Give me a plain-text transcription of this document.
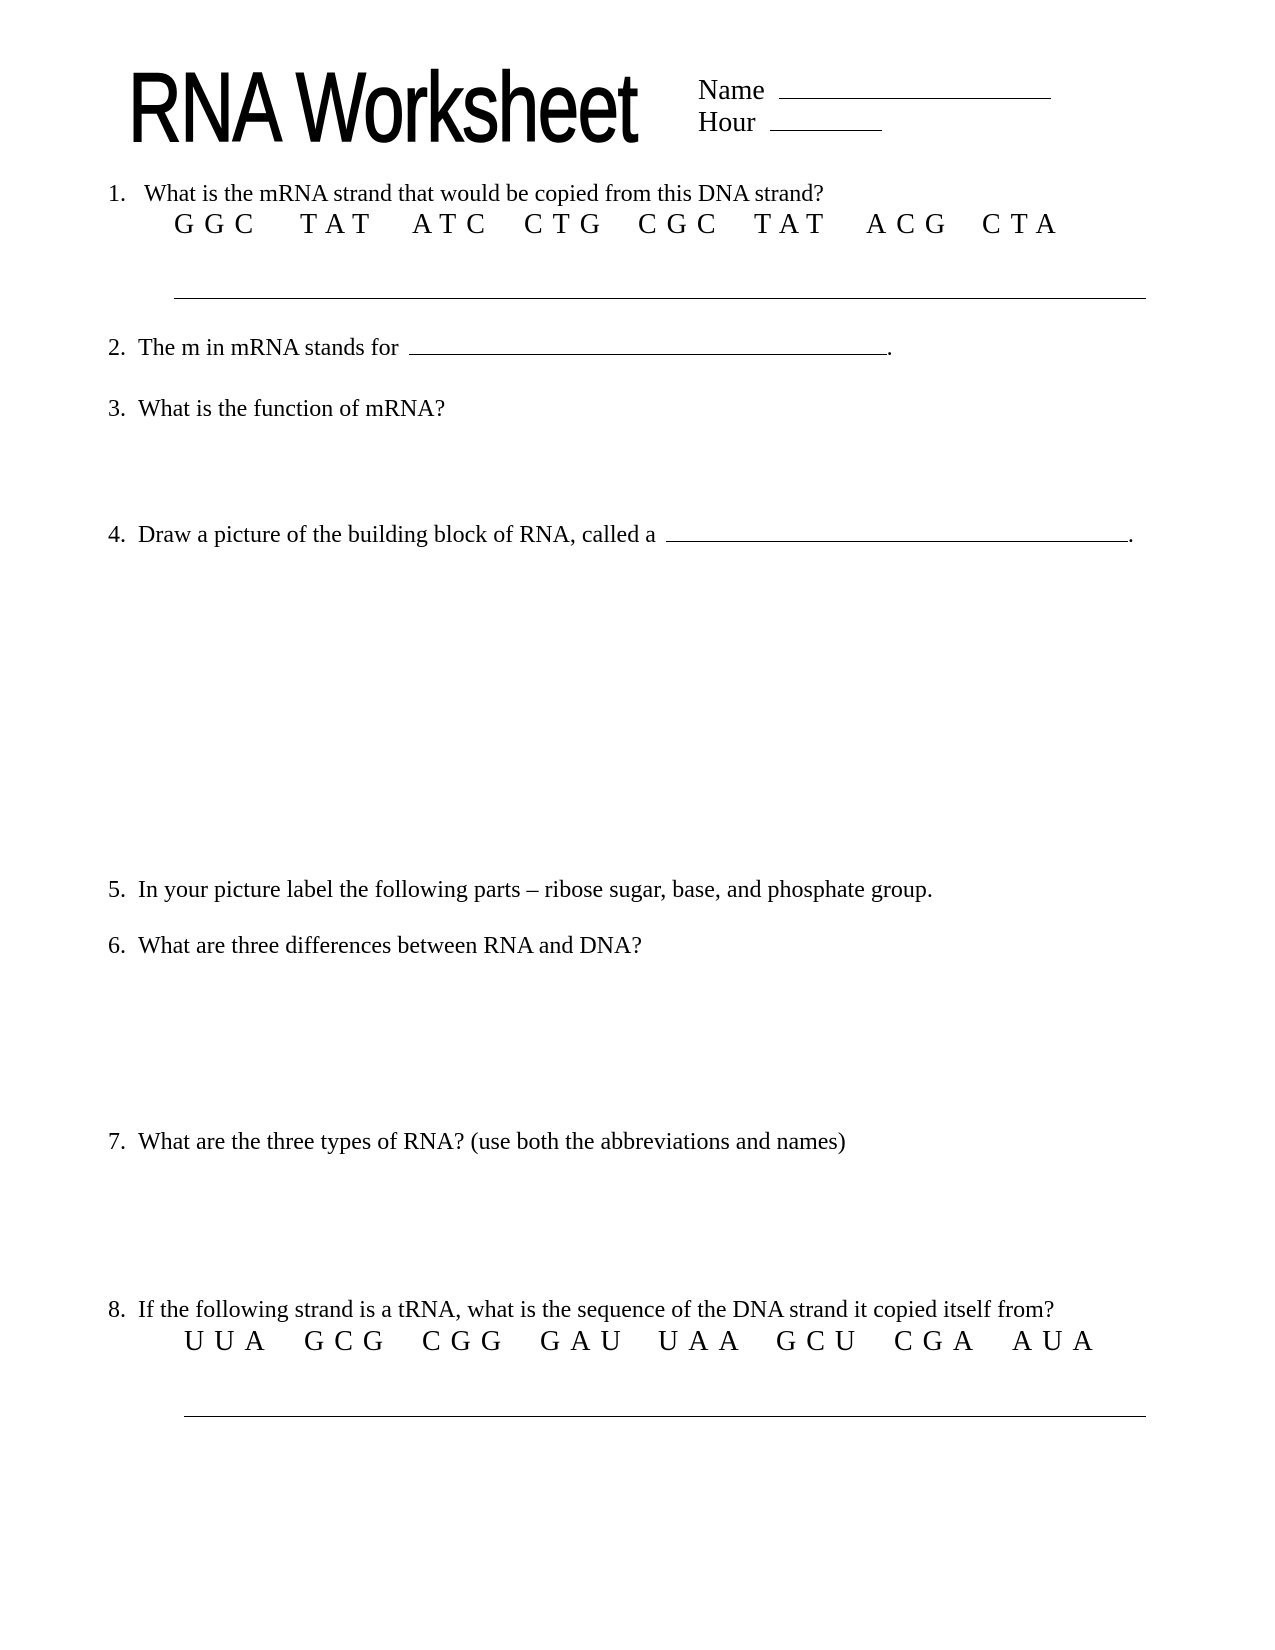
RNA Worksheet Name
Hour
1. What is the mRNA strand that would be copied from this DNA strand?
GGC	TAT	ATC	CTG	CGC	TAT	ACG CTA
2. The m in mRNA stands for	.
3. What is the function of mRNA?
4. Draw a picture of the building block of RNA, called a	.
5. In your picture label the following parts – ribose sugar, base, and phosphate group.
6. What are three differences between RNA and DNA?
7. What are the three types of RNA? (use both the abbreviations and names)
8. If the following strand is a tRNA, what is the sequence of the DNA strand it copied itself from?
UUA	GCG	CGG	GAU UAA GCU	CGA	AUA
